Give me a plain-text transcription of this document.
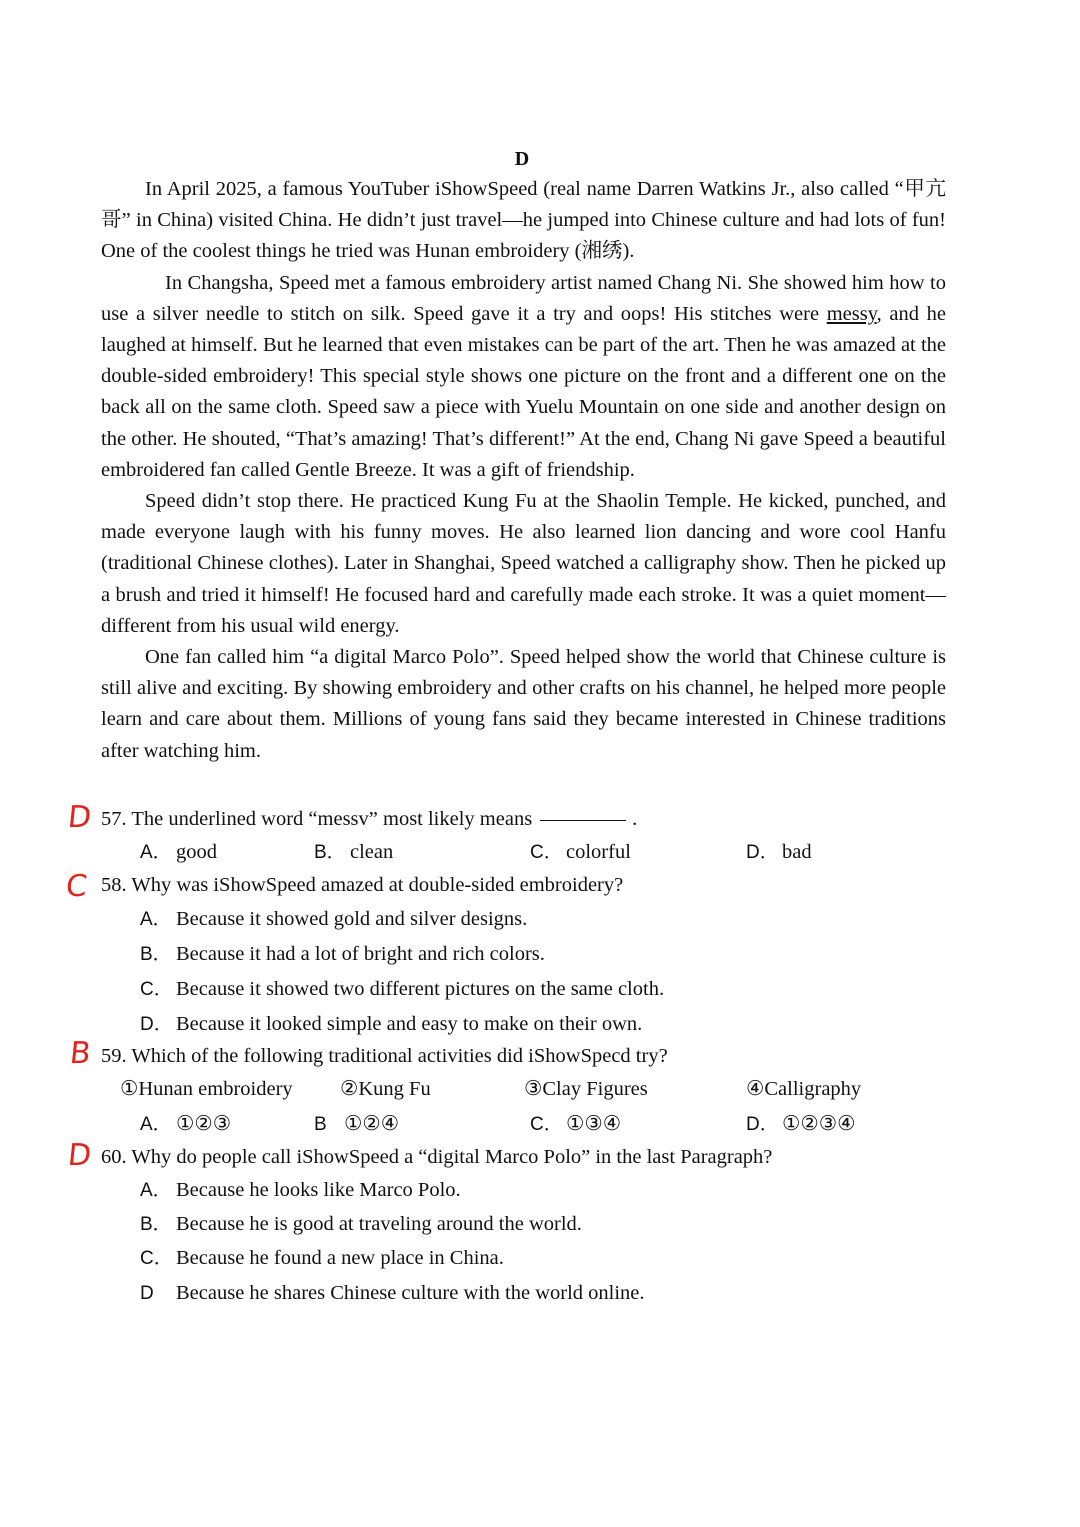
D

In April 2025, a famous YouTuber iShowSpeed (real name Darren Watkins Jr., also called “甲亢哥” in China) visited China. He didn’t just travel—he jumped into Chinese culture and had lots of fun! One of the coolest things he tried was Hunan embroidery (湘绣).

In Changsha, Speed met a famous embroidery artist named Chang Ni. She showed him how to use a silver needle to stitch on silk. Speed gave it a try and oops! His stitches were messy, and he laughed at himself. But he learned that even mistakes can be part of the art. Then he was amazed at the double-sided embroidery! This special style shows one picture on the front and a different one on the back all on the same cloth. Speed saw a piece with Yuelu Mountain on one side and another design on the other. He shouted, “That’s amazing! That’s different!” At the end, Chang Ni gave Speed a beautiful embroidered fan called Gentle Breeze. It was a gift of friendship.

Speed didn’t stop there. He practiced Kung Fu at the Shaolin Temple. He kicked, punched, and made everyone laugh with his funny moves. He also learned lion dancing and wore cool Hanfu (traditional Chinese clothes). Later in Shanghai, Speed watched a calligraphy show. Then he picked up a brush and tried it himself! He focused hard and carefully made each stroke. It was a quiet moment—different from his usual wild energy.

One fan called him “a digital Marco Polo”. Speed helped show the world that Chinese culture is still alive and exciting. By showing embroidery and other crafts on his channel, he helped more people learn and care about them. Millions of young fans said they became interested in Chinese traditions after watching him.

D 57. The underlined word “messv” most likely means	.
A． good	B． clean	C． colorful	D． bad
C 58. Why was iShowSpeed amazed at double-sided embroidery?
A． Because it showed gold and silver designs.
B． Because it had a lot of bright and rich colors.
C． Because it showed two different pictures on the same cloth.
D． Because it looked simple and easy to make on their own.
B 59. Which of the following traditional activities did iShowSpecd try?
①Hunan embroidery ②Kung Fu	③Clay Figures	④Calligraphy
A． ①②③	B ①②④	C． ①③④	D． ①②③④
D 60. Why do people call iShowSpeed a “digital Marco Polo” in the last Paragraph?
A． Because he looks like Marco Polo.
B． Because he is good at traveling around the world.
C． Because he found a new place in China.
D Because he shares Chinese culture with the world online.
